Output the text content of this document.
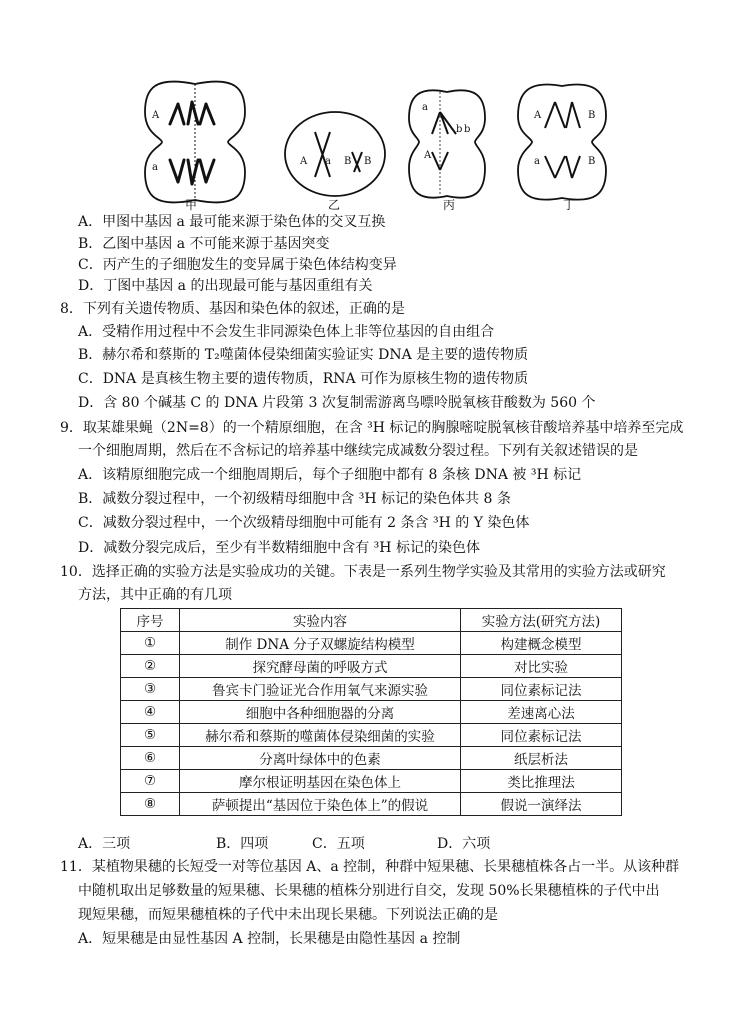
A
a
A a B B
a
b b
A
A	B
a	B
甲	乙	丙	丁
A．甲图中基因 a 最可能来源于染色体的交叉互换
B．乙图中基因 a 不可能来源于基因突变
C．丙产生的子细胞发生的变异属于染色体结构变异
D．丁图中基因 a 的出现最可能与基因重组有关
8．下列有关遗传物质、基因和染色体的叙述，正确的是
A．受精作用过程中不会发生非同源染色体上非等位基因的自由组合
B．赫尔希和蔡斯的 T₂噬菌体侵染细菌实验证实 DNA 是主要的遗传物质
C．DNA 是真核生物主要的遗传物质，RNA 可作为原核生物的遗传物质
D．含 80 个碱基 C 的 DNA 片段第 3 次复制需游离鸟嘌呤脱氧核苷酸数为 560 个
9．取某雄果蝇（2N=8）的一个精原细胞，在含 ³H 标记的胸腺嘧啶脱氧核苷酸培养基中培养至完成
一个细胞周期，然后在不含标记的培养基中继续完成减数分裂过程。下列有关叙述错误的是
A．该精原细胞完成一个细胞周期后，每个子细胞中都有 8 条核 DNA 被 ³H 标记
B．减数分裂过程中，一个初级精母细胞中含 ³H 标记的染色体共 8 条
C．减数分裂过程中，一个次级精母细胞中可能有 2 条含 ³H 的 Y 染色体
D．减数分裂完成后，至少有半数精细胞中含有 ³H 标记的染色体
10．选择正确的实验方法是实验成功的关键。下表是一系列生物学实验及其常用的实验方法或研究
方法，其中正确的有几项
序号	实验内容	实验方法(研究方法)
①	制作 DNA 分子双螺旋结构模型	构建概念模型
②	探究酵母菌的呼吸方式	对比实验
③	鲁宾卡门验证光合作用氧气来源实验	同位素标记法
④	细胞中各种细胞器的分离	差速离心法
⑤	赫尔希和蔡斯的噬菌体侵染细菌的实验	同位素标记法
⑥	分离叶绿体中的色素	纸层析法
⑦	摩尔根证明基因在染色体上	类比推理法
⑧	萨顿提出“基因位于染色体上”的假说	假说一演绎法
A．三项	B．四项	C．五项	D．六项
11．某植物果穗的长短受一对等位基因 A、a 控制，种群中短果穗、长果穗植株各占一半。从该种群
中随机取出足够数量的短果穗、长果穗的植株分别进行自交，发现 50%长果穗植株的子代中出
现短果穗，而短果穗植株的子代中未出现长果穗。下列说法正确的是
A．短果穗是由显性基因 A 控制，长果穗是由隐性基因 a 控制
